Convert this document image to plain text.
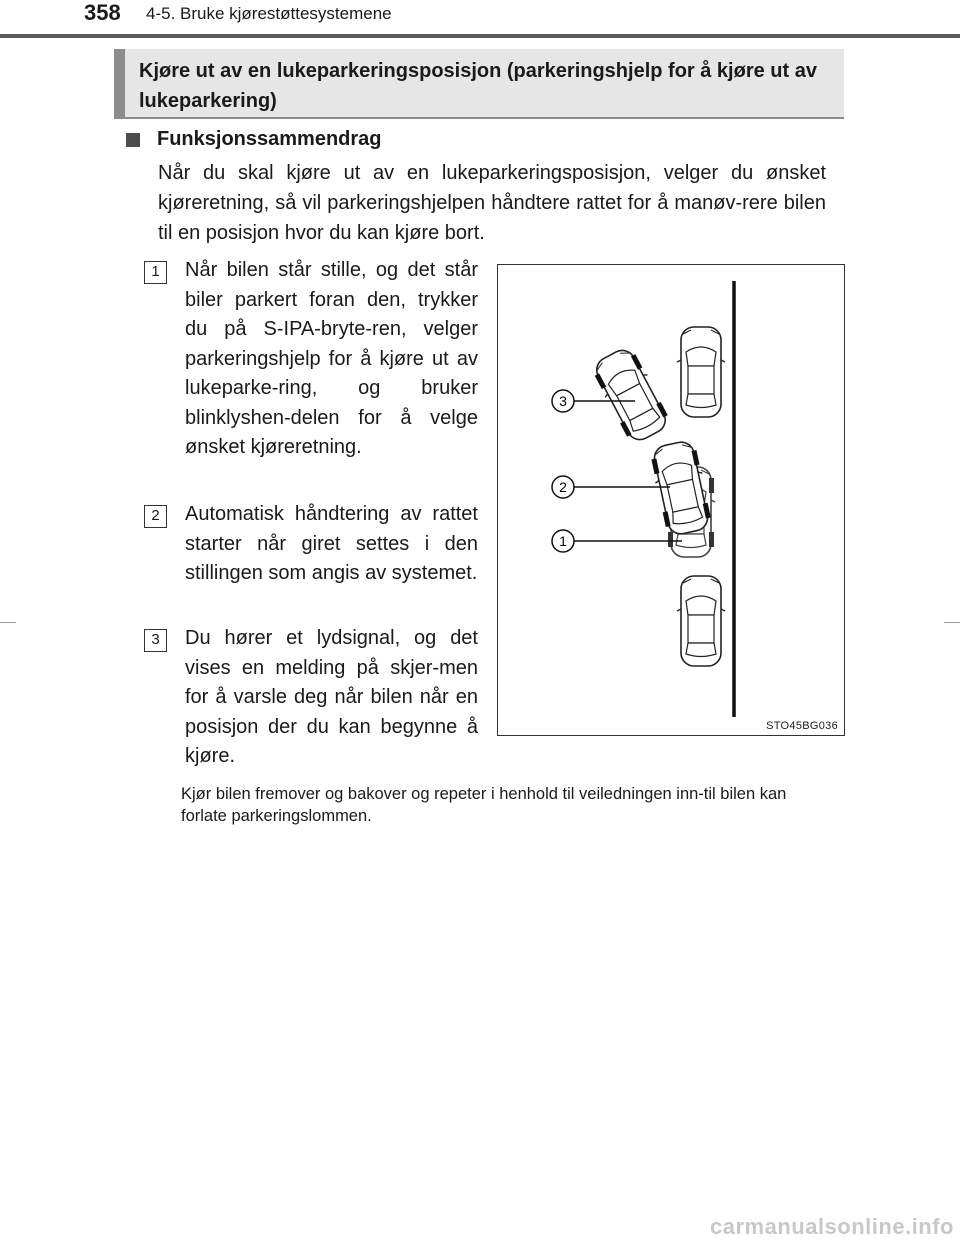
358 4-5. Bruke kjørestøttesystemene
Kjøre ut av en lukeparkeringsposisjon (parkeringshjelp for å kjøre ut av lukeparkering)
Funksjonssammendrag

Når du skal kjøre ut av en lukeparkeringsposisjon, velger du ønsket kjøreretning, så vil parkeringshjelpen håndtere rattet for å manøv-rere bilen til en posisjon hvor du kan kjøre bort.

1	Når bilen står stille, og det står biler parkert foran den, trykker du på S-IPA-bryte-ren, velger parkeringshjelp for å kjøre ut av lukeparke-ring, og bruker blinklyshen-delen for å velge ønsket kjøreretning.

2	Automatisk håndtering av rattet starter når giret settes i den stillingen som angis av systemet.

3	Du hører et lydsignal, og det vises en melding på skjer-men for å varsle deg når bilen når en posisjon der du kan begynne å kjøre.

3
2
1
STO45BG036

Kjør bilen fremover og bakover og repeter i henhold til veiledningen inn-til bilen kan forlate parkeringslommen.

carmanualsonline.info
